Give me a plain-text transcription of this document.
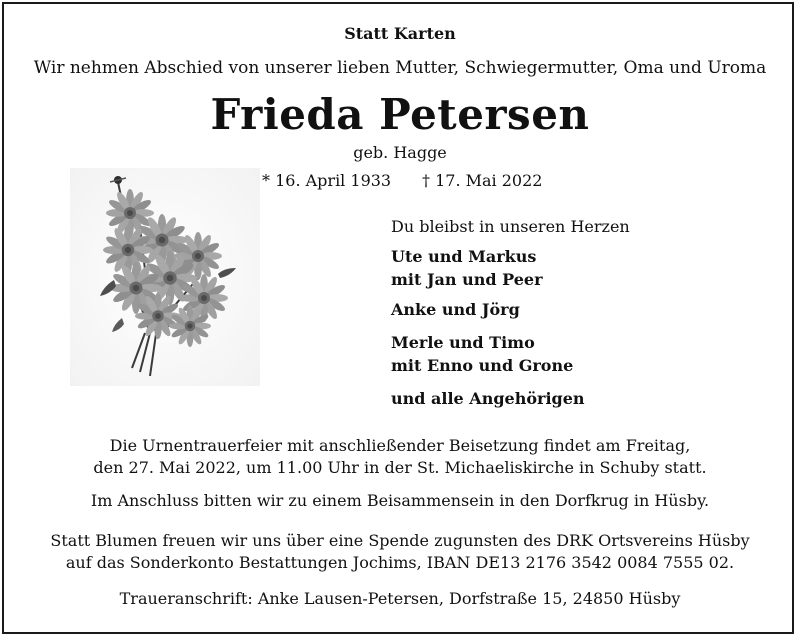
Statt Karten
Wir nehmen Abschied von unserer lieben Mutter, Schwiegermutter, Oma und Uroma
Frieda Petersen
geb. Hagge
* 16. April 1933 † 17. Mai 2022
Du bleibst in unseren Herzen
Ute und Markus
mit Jan und Peer
Anke und Jörg
Merle und Timo
mit Enno und Grone
und alle Angehörigen
Die Urnentrauerfeier mit anschließender Beisetzung findet am Freitag,
den 27. Mai 2022, um 11.00 Uhr in der St. Michaeliskirche in Schuby statt.
Im Anschluss bitten wir zu einem Beisammensein in den Dorfkrug in Hüsby.
Statt Blumen freuen wir uns über eine Spende zugunsten des DRK Ortsvereins Hüsby
auf das Sonderkonto Bestattungen Jochims, IBAN DE13 2176 3542 0084 7555 02.
Traueranschrift: Anke Lausen-Petersen, Dorfstraße 15, 24850 Hüsby
